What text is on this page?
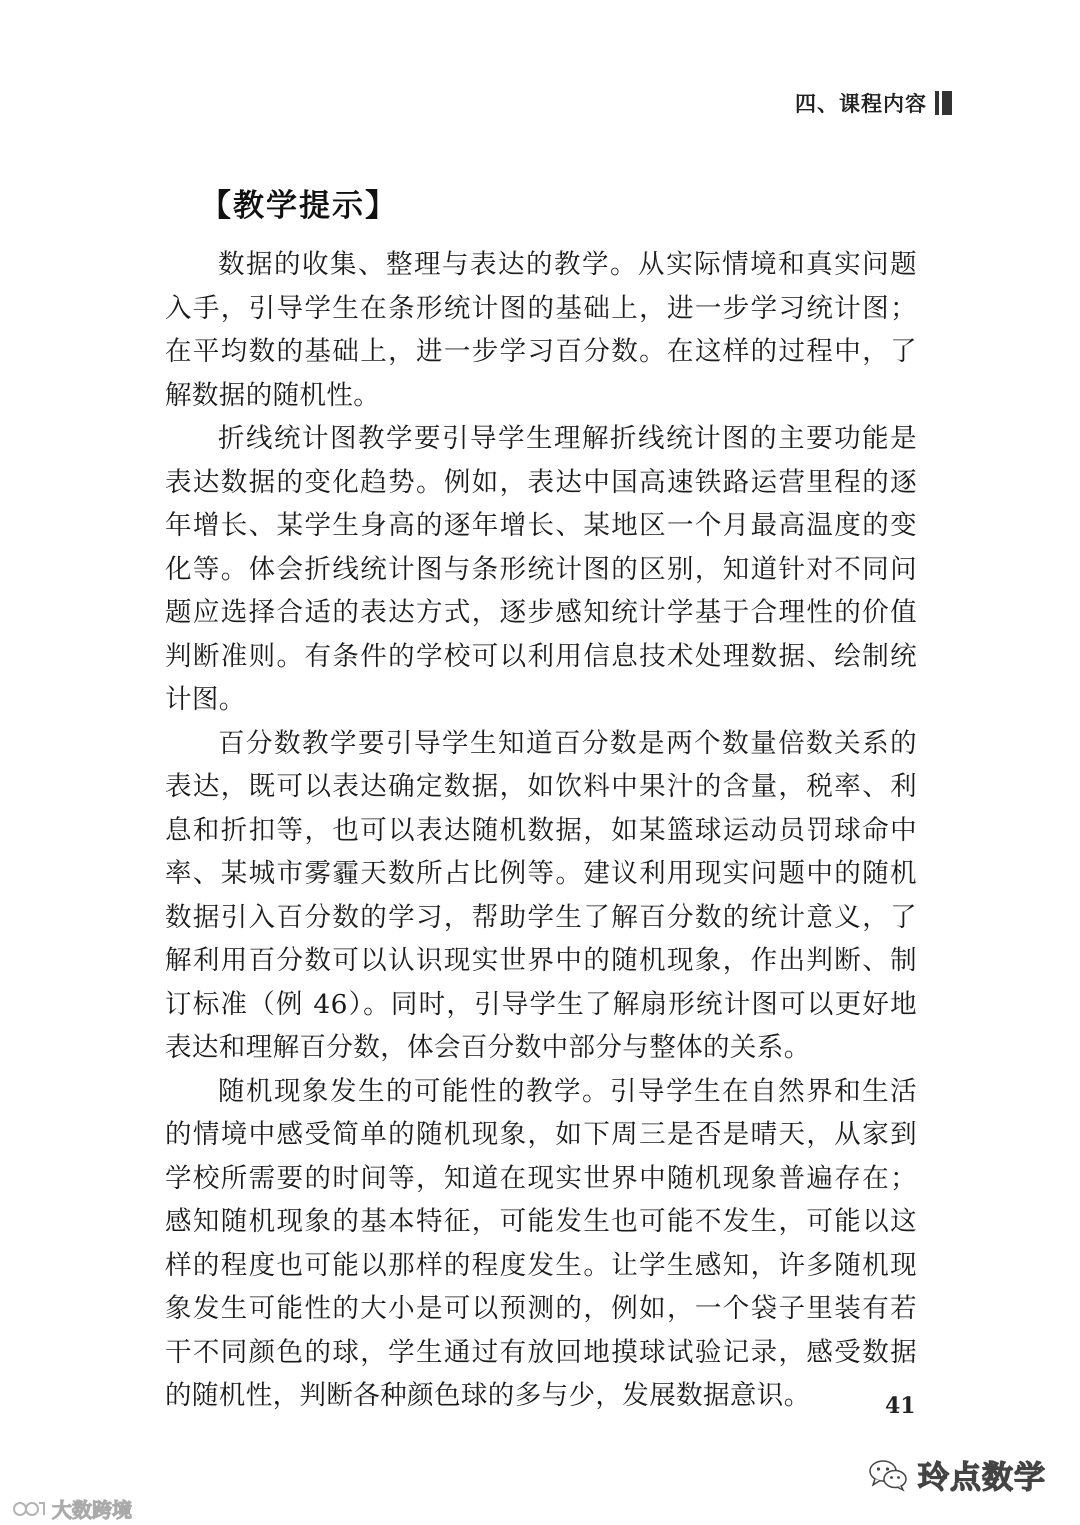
四、课程内容
【教学提示】

数据的收集、整理与表达的教学。从实际情境和真实问题入手，引导学生在条形统计图的基础上，进一步学习统计图；在平均数的基础上，进一步学习百分数。在这样的过程中，了解数据的随机性。

折线统计图教学要引导学生理解折线统计图的主要功能是表达数据的变化趋势。例如，表达中国高速铁路运营里程的逐年增长、某学生身高的逐年增长、某地区一个月最高温度的变化等。体会折线统计图与条形统计图的区别，知道针对不同问题应选择合适的表达方式，逐步感知统计学基于合理性的价值判断准则。有条件的学校可以利用信息技术处理数据、绘制统计图。

百分数教学要引导学生知道百分数是两个数量倍数关系的表达，既可以表达确定数据，如饮料中果汁的含量，税率、利息和折扣等，也可以表达随机数据，如某篮球运动员罚球命中率、某城市雾霾天数所占比例等。建议利用现实问题中的随机数据引入百分数的学习，帮助学生了解百分数的统计意义，了解利用百分数可以认识现实世界中的随机现象，作出判断、制订标准（例 46）。同时，引导学生了解扇形统计图可以更好地表达和理解百分数，体会百分数中部分与整体的关系。

随机现象发生的可能性的教学。引导学生在自然界和生活的情境中感受简单的随机现象，如下周三是否是晴天，从家到学校所需要的时间等，知道在现实世界中随机现象普遍存在；感知随机现象的基本特征，可能发生也可能不发生，可能以这样的程度也可能以那样的程度发生。让学生感知，许多随机现象发生可能性的大小是可以预测的，例如，一个袋子里装有若干不同颜色的球，学生通过有放回地摸球试验记录，感受数据的随机性，判断各种颜色球的多与少，发展数据意识。	41
大数跨境
玲点数学
